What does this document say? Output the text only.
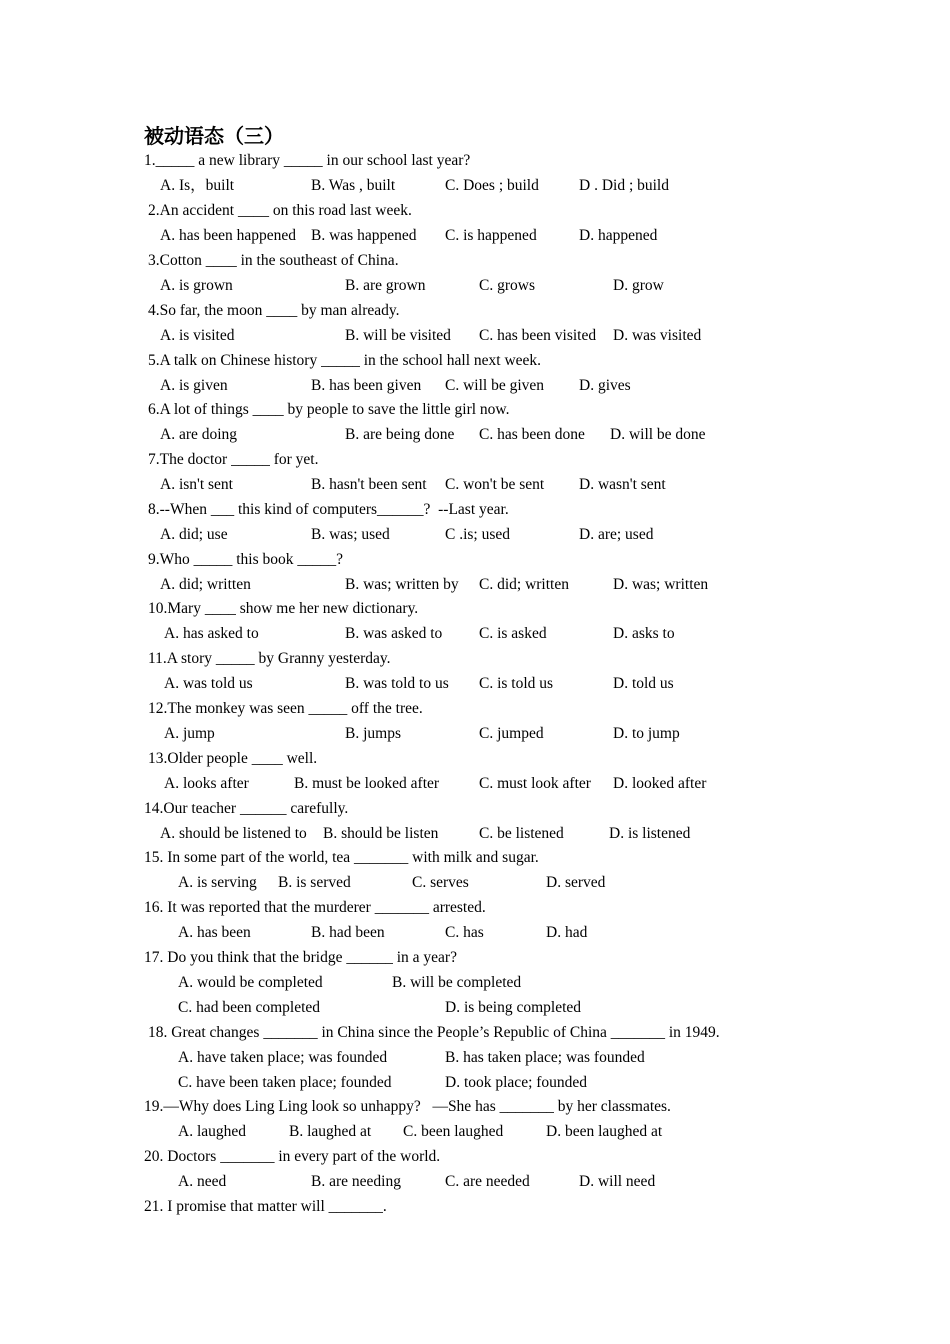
被动语态（三）
1._____ a new library _____ in our school last year?
A. Is，built	B. Was , built	C. Does ; build	D . Did ; build
2.An accident ____ on this road last week.
A. has been happened B. was happened C. is happened	D. happened
3.Cotton ____ in the southeast of China.
A. is grown	B. are grown	C. grows	D. grow
4.So far, the moon ____ by man already.
A. is visited	B. will be visited C. has been visited D. was visited
5.A talk on Chinese history _____ in the school hall next week.
A. is given	B. has been given C. will be given D. gives
6.A lot of things ____ by people to save the little girl now.
A. are doing	B. are being done C. has been done D. will be done
7.The doctor _____ for yet.
A. isn't sent	B. hasn't been sent C. won't be sent D. wasn't sent
8.--When ___ this kind of computers______?  --Last year.
A. did; use	B. was; used	C .is; used	D. are; used
9.Who _____ this book _____?
A. did; written	B. was; written by C. did; written	D. was; written
10.Mary ____ show me her new dictionary.
A. has asked to	B. was asked to C. is asked	D. asks to
11.A story _____ by Granny yesterday.
A. was told us	B. was told to us C. is told us	D. told us
12.The monkey was seen _____ off the tree.
A. jump	B. jumps	C. jumped	D. to jump
13.Older people ____ well.
A. looks after	B. must be looked after	C. must look after D. looked after
14.Our teacher ______ carefully.
A. should be listened to B. should be listen	C. be listened	D. is listened
15. In some part of the world, tea _______ with milk and sugar.
A. is serving B. is served	C. serves	D. served
16. It was reported that the murderer _______ arrested.
A. has been	B. had been	C. has	D. had
17. Do you think that the bridge ______ in a year?
A. would be completed	B. will be completed
C. had been completed	D. is being completed
18. Great changes _______ in China since the People’s Republic of China _______ in 1949.
A. have taken place; was founded	B. has taken place; was founded
C. have been taken place; founded	D. took place; founded
19.—Why does Ling Ling look so unhappy?   —She has _______ by her classmates.
A. laughed	B. laughed at C. been laughed	D. been laughed at
20. Doctors _______ in every part of the world.
A. need	B. are needing	C. are needed	D. will need
21. I promise that matter will _______.
